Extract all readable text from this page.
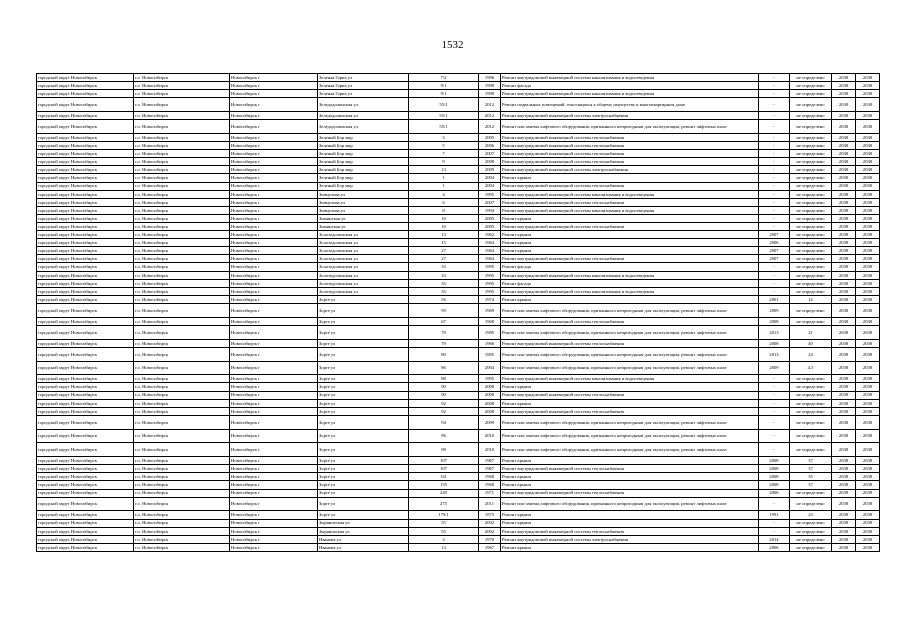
1532
городской округ Новосибирск	г.о. Новосибирск	Новосибирск г	Зеленая Горка ул	7/2	1996	Ремонт внутридомовой инженерной системы канализования и водоотведения	-	не определено	2038	2038
городской округ Новосибирск	г.о. Новосибирск	Новосибирск г	Зеленая Горка ул	9/1	1998	Ремонт фасада	-	не определено	2038	2038
городской округ Новосибирск	г.о. Новосибирск	Новосибирск г	Зеленая Горка ул	9/1	1998	Ремонт внутридомовой инженерной системы канализования и водоотведения	-	не определено	2038	2038
городской округ Новосибирск	г.о. Новосибирск	Новосибирск г	Зеледодолинская ул	55/1	2012	Ремонт подвальных помещений, относящихся к общему имуществу в многоквартирном доме	-	не определено	2038	2038
городской округ Новосибирск	г.о. Новосибирск	Новосибирск г	Зеледодолинская ул	55/1	2012	Ремонт внутридомовой инженерной системы электроснабжения	-	не определено	2038	2038
городской округ Новосибирск	г.о. Новосибирск	Новосибирск г	Зеледодолинская ул	55/1	2012	Ремонт или замена лифтового оборудования, признанного непригодным для эксплуатации, ремонт лифтовых шахт	-	не определено	2038	2038
городской округ Новосибирск	г.о. Новосибирск	Новосибирск г	Зеленый Бор мкр	3	2005	Ремонт внутридомовой инженерной системы теплоснабжения	-	не определено	2038	2038
городской округ Новосибирск	г.о. Новосибирск	Новосибирск г	Зеленый Бор мкр	5	2006	Ремонт внутридомовой инженерной системы теплоснабжения	-	не определено	2038	2038
городской округ Новосибирск	г.о. Новосибирск	Новосибирск г	Зеленый Бор мкр	7	2007	Ремонт внутридомовой инженерной системы теплоснабжения	-	не определено	2038	2038
городской округ Новосибирск	г.о. Новосибирск	Новосибирск г	Зеленый Бор мкр	9	2008	Ремонт внутридомовой инженерной системы теплоснабжения	-	не определено	2038	2038
городской округ Новосибирск	г.о. Новосибирск	Новосибирск г	Зеленый Бор мкр	13	2009	Ремонт внутридомовой инженерной системы электроснабжения	-	не определено	2038	2038
городской округ Новосибирск	г.о. Новосибирск	Новосибирск г	Зеленый Бор мкр	1	2004	Ремонт крыши	-	не определено	2038	2038
городской округ Новосибирск	г.о. Новосибирск	Новосибирск г	Зеленый Бор мкр	1	2004	Ремонт внутридомовой инженерной системы теплоснабжения	-	не определено	2038	2038
городской округ Новосибирск	г.о. Новосибирск	Новосибирск г	Земнухова ул	4	1995	Ремонт внутридомовой инженерной системы канализования и водоотведения	-	не определено	2038	2038
городской округ Новосибирск	г.о. Новосибирск	Новосибирск г	Земнухова ул	6	2007	Ремонт внутридомовой инженерной системы теплоснабжения	-	не определено	2038	2038
городской округ Новосибирск	г.о. Новосибирск	Новосибирск г	Земнухова ул	8	1994	Ремонт внутридомовой инженерной системы канализования и водоотведения	-	не определено	2038	2038
городской округ Новосибирск	г.о. Новосибирск	Новосибирск г	Зиминская ул	10	2005	Ремонт крыши	-	не определено	2038	2038
городской округ Новосибирск	г.о. Новосибирск	Новосибирск г	Зиминская ул	10	2005	Ремонт внутридомовой инженерной системы теплоснабжения	-	не определено	2038	2038
городской округ Новосибирск	г.о. Новосибирск	Новосибирск г	Золотодолинская ул	13	1962	Ремонт крыши	2007	не определено	2038	2038
городской округ Новосибирск	г.о. Новосибирск	Новосибирск г	Золотодолинская ул	15	1964	Ремонт крыши	2006	не определено	2038	2038
городской округ Новосибирск	г.о. Новосибирск	Новосибирск г	Золотодолинская ул	27	1964	Ремонт крыши	2007	не определено	2038	2038
городской округ Новосибирск	г.о. Новосибирск	Новосибирск г	Золотодолинская ул	27	1964	Ремонт внутридомовой инженерной системы теплоснабжения	2007	не определено	2038	2038
городской округ Новосибирск	г.о. Новосибирск	Новосибирск г	Золотодолинская ул	33	1995	Ремонт фасада	-	не определено	2038	2038
городской округ Новосибирск	г.о. Новосибирск	Новосибирск г	Золотодолинская ул	33	1995	Ремонт внутридомовой инженерной системы канализования и водоотведения	-	не определено	2038	2038
городской округ Новосибирск	г.о. Новосибирск	Новосибирск г	Золотодолинская ул	35	1995	Ремонт фасада	-	не определено	2038	2038
городской округ Новосибирск	г.о. Новосибирск	Новосибирск г	Золотодолинская ул	35	1995	Ремонт внутридомовой инженерной системы канализования и водоотведения	-	не определено	2038	2038
городской округ Новосибирск	г.о. Новосибирск	Новосибирск г	Зорге ул	56	1974	Ремонт крыши	2001	12	2038	2038
городской округ Новосибирск	г.о. Новосибирск	Новосибирск г	Зорге ул	59	1969	Ремонт или замена лифтового оборудования, признанного непригодным для эксплуатации, ремонт лифтовых шахт	2009	не определено	2038	2038
городской округ Новосибирск	г.о. Новосибирск	Новосибирск г	Зорге ул	67	1968	Ремонт внутридомовой инженерной системы теплоснабжения	2008	не определено	2038	2038
городской округ Новосибирск	г.о. Новосибирск	Новосибирск г	Зорге ул	78	1985	Ремонт или замена лифтового оборудования, признанного непригодным для эксплуатации, ремонт лифтовых шахт	2013	21	2038	2038
городской округ Новосибирск	г.о. Новосибирск	Новосибирск г	Зорге ул	79	1966	Ремонт внутридомовой инженерной системы теплоснабжения	2008	40	2038	2038
городской округ Новосибирск	г.о. Новосибирск	Новосибирск г	Зорге ул	80	1985	Ремонт или замена лифтового оборудования, признанного непригодным для эксплуатации, ремонт лифтовых шахт	2013	24	2038	2038
городской округ Новосибирск	г.о. Новосибирск	Новосибирск г	Зорге ул	86	2004	Ремонт или замена лифтового оборудования, признанного непригодным для эксплуатации, ремонт лифтовых шахт	2009	4,5	2038	2038
городской округ Новосибирск	г.о. Новосибирск	Новосибирск г	Зорге ул	88	1995	Ремонт внутридомовой инженерной системы канализования и водоотведения	-	не определено	2038	2038
городской округ Новосибирск	г.о. Новосибирск	Новосибирск г	Зорге ул	90	2008	Ремонт крыши	-	не определено	2038	2038
городской округ Новосибирск	г.о. Новосибирск	Новосибирск г	Зорге ул	90	2008	Ремонт внутридомовой инженерной системы теплоснабжения	-	не определено	2038	2038
городской округ Новосибирск	г.о. Новосибирск	Новосибирск г	Зорге ул	92	2008	Ремонт крыши	-	не определено	2038	2038
городской округ Новосибирск	г.о. Новосибирск	Новосибирск г	Зорге ул	92	2008	Ремонт внутридомовой инженерной системы теплоснабжения	-	не определено	2038	2038
городской округ Новосибирск	г.о. Новосибирск	Новосибирск г	Зорге ул	94	2009	Ремонт или замена лифтового оборудования, признанного непригодным для эксплуатации, ремонт лифтовых шахт	-	не определено	2038	2038
городской округ Новосибирск	г.о. Новосибирск	Новосибирск г	Зорге ул	96	2010	Ремонт или замена лифтового оборудования, признанного непригодным для эксплуатации, ремонт лифтовых шахт	-	не определено	2038	2038
городской округ Новосибирск	г.о. Новосибирск	Новосибирск г	Зорге ул	98	2010	Ремонт или замена лифтового оборудования, признанного непригодным для эксплуатации, ремонт лифтовых шахт	-	не определено	2038	2038
городской округ Новосибирск	г.о. Новосибирск	Новосибирск г	Зорге ул	107	1967	Ремонт крыши	2008	37	2038	2038
городской округ Новосибирск	г.о. Новосибирск	Новосибирск г	Зорге ул	107	1967	Ремонт внутридомовой инженерной системы теплоснабжения	2008	37	2038	2038
городской округ Новосибирск	г.о. Новосибирск	Новосибирск г	Зорге ул	141	1968	Ремонт крыши	2008	35	2038	2038
городской округ Новосибирск	г.о. Новосибирск	Новосибирск г	Зорге ул	155	1968	Ремонт крыши	2008	37	2038	2038
городской округ Новосибирск	г.о. Новосибирск	Новосибирск г	Зорге ул	249	1971	Ремонт внутридомовой инженерной системы теплоснабжения	2006	не определено	2038	2038
городской округ Новосибирск	г.о. Новосибирск	Новосибирск г	Зорге ул	275	2011	Ремонт или замена лифтового оборудования, признанного непригодным для эксплуатации, ремонт лифтовых шахт	-	не определено	2038	2038
городской округ Новосибирск	г.о. Новосибирск	Новосибирск г	Зорге ул	179/1	1975	Ремонт крыши	1991	23	2038	2038
городской округ Новосибирск	г.о. Новосибирск	Новосибирск г	Зыряновская ул	55	2002	Ремонт крыши	-	не определено	2038	2038
городской округ Новосибирск	г.о. Новосибирск	Новосибирск г	Зыряновская ул	55	2002	Ремонт внутридомовой инженерной системы теплоснабжения	-	не определено	2038	2038
городской округ Новосибирск	г.о. Новосибирск	Новосибирск г	Иванова ул	3	1970	Ремонт внутридомовой инженерной системы электроснабжения	2014	не определено	2038	2038
городской округ Новосибирск	г.о. Новосибирск	Новосибирск г	Иванова ул	13	1967	Ремонт крыши	2006	не определено	2038	2038
